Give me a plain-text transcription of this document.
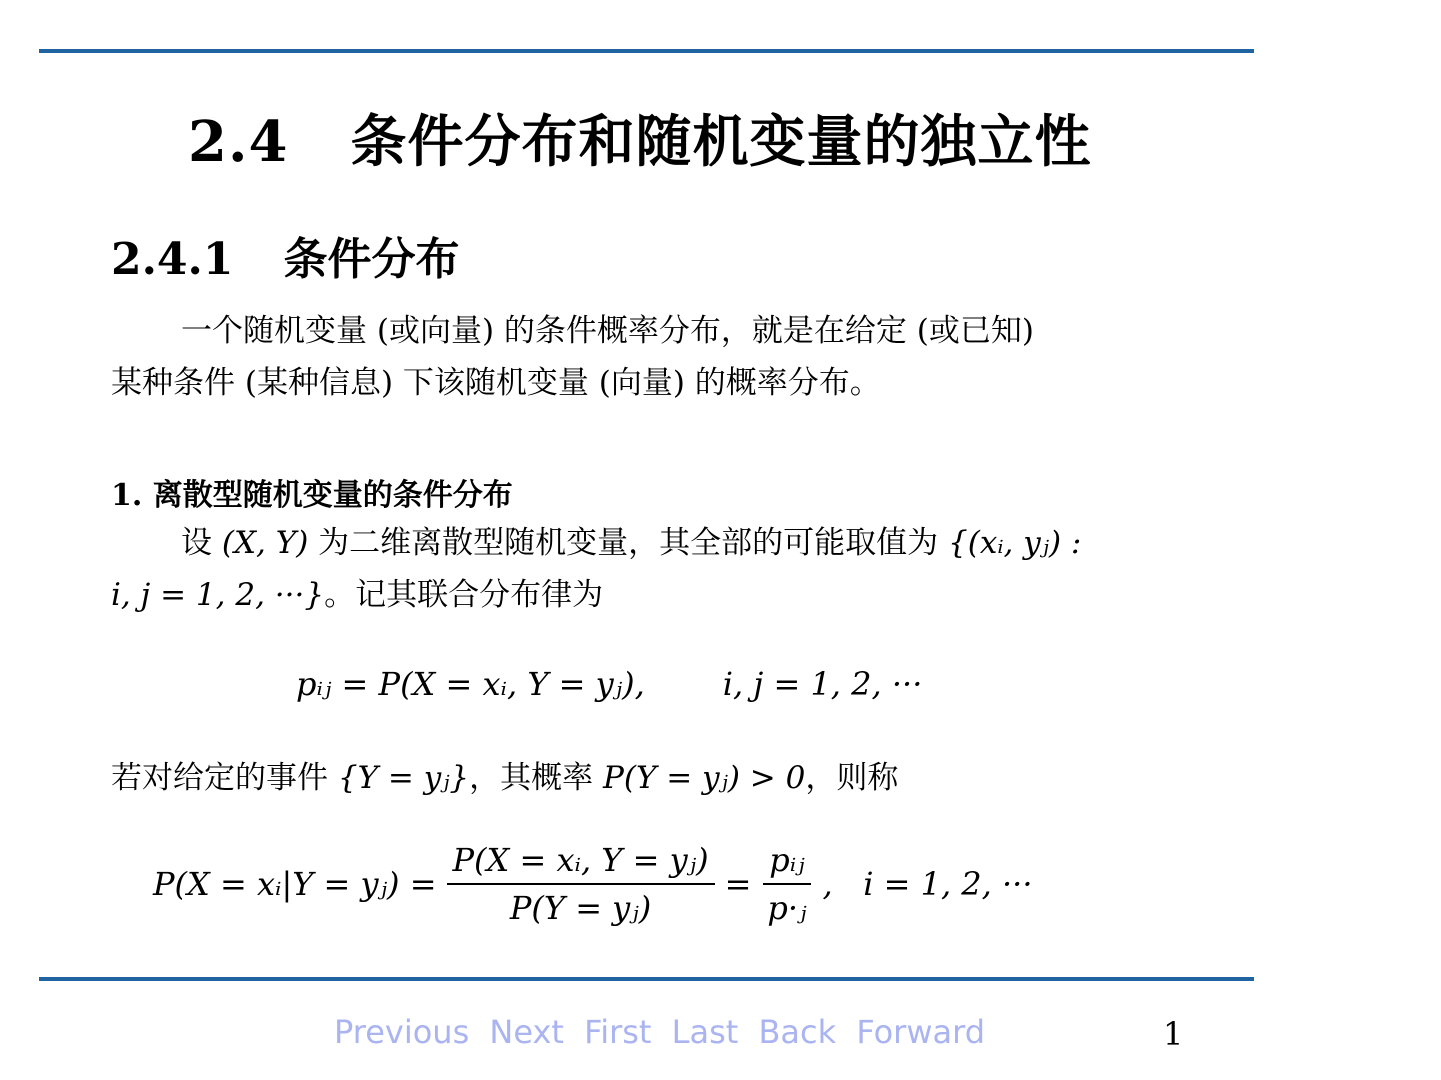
2.4 条件分布和随机变量的独立性
2.4.1 条件分布
一个随机变量 (或向量) 的条件概率分布，就是在给定 (或已知)
某种条件 (某种信息) 下该随机变量 (向量) 的概率分布。
1. 离散型随机变量的条件分布
设 (X, Y) 为二维离散型随机变量，其全部的可能取值为 {(xᵢ, yⱼ) :
i, j = 1, 2, ···}。记其联合分布律为
pᵢⱼ = P(X = xᵢ, Y = yⱼ), i, j = 1, 2, ···
若对给定的事件 {Y = yⱼ}，其概率 P(Y = yⱼ) > 0，则称
P(X = xᵢ|Y = yⱼ) = $\frac{\text{P(X = xᵢ, Y = yⱼ)}}{\text{P(Y = yⱼ)}} = \frac{\text{pᵢⱼ}}{\text{p·ⱼ}}$ ,   i = 1, 2, ···
Previous Next First Last Back Forward	1
